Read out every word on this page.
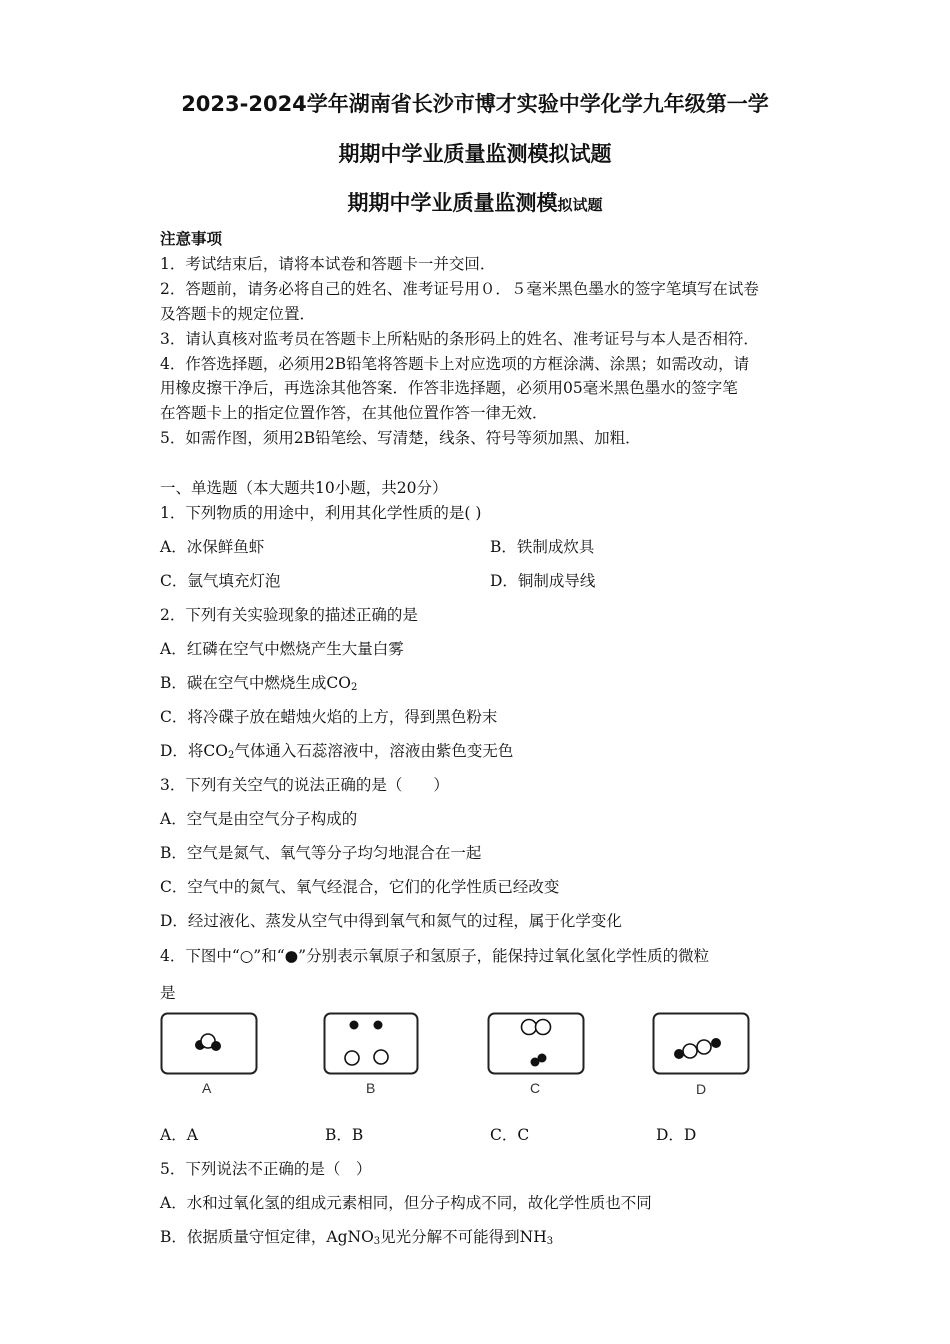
2023-2024学年湖南省长沙市博才实验中学化学九年级第一学
期期中学业质量监测模拟试题
期期中学业质量监测模拟试题
注意事项
1．考试结束后，请将本试卷和答题卡一并交回．
2．答题前，请务必将自己的姓名、准考证号用０．５毫米黑色墨水的签字笔填写在试卷
及答题卡的规定位置．
3．请认真核对监考员在答题卡上所粘贴的条形码上的姓名、准考证号与本人是否相符．
4．作答选择题，必须用2B铅笔将答题卡上对应选项的方框涂满、涂黑；如需改动，请
用橡皮擦干净后，再选涂其他答案．作答非选择题，必须用05毫米黑色墨水的签字笔
在答题卡上的指定位置作答，在其他位置作答一律无效．
5．如需作图，须用2B铅笔绘、写清楚，线条、符号等须加黑、加粗．
一、单选题（本大题共10小题，共20分）
1．下列物质的用途中，利用其化学性质的是( )
A．冰保鲜鱼虾	B．铁制成炊具
C．氩气填充灯泡	D．铜制成导线
2．下列有关实验现象的描述正确的是
A．红磷在空气中燃烧产生大量白雾
B．碳在空气中燃烧生成$CO_2$
C．将冷碟子放在蜡烛火焰的上方，得到黑色粉末
D．将$CO_2$气体通入石蕊溶液中，溶液由紫色变无色
3．下列有关空气的说法正确的是（　　）
A．空气是由空气分子构成的
B．空气是氮气、氧气等分子均匀地混合在一起
C．空气中的氮气、氧气经混合，它们的化学性质已经改变
D．经过液化、蒸发从空气中得到氧气和氮气的过程，属于化学变化
4．下图中“○”和“●”分别表示氧原子和氢原子，能保持过氧化氢化学性质的微粒
是
A	B	C	D
A．A	B．B	C．C	D．D
5．下列说法不正确的是（　）
A．水和过氧化氢的组成元素相同，但分子构成不同，故化学性质也不同
B．依据质量守恒定律，AgNO$_3$见光分解不可能得到$NH_3$
